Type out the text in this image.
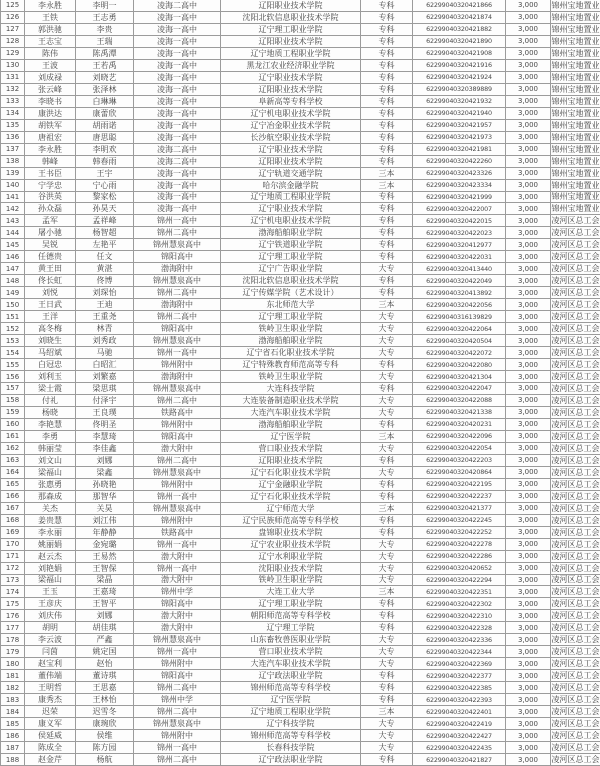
125	李永胜	李明一	凌海二高中	辽阳职业技术学院	专科	62299040320421866	3,000	锦州宝地置业
126	王铁	王志勇	凌海一高中	沈阳北软信息职业技术学院	专科	62299040320421874	3,000	锦州宝地置业
127	郭洪驰	李贵	凌海一高中	辽宁理工职业学院	专科	62299040320421882	3,000	锦州宝地置业
128	王志宝	王瑞	凌海一高中	辽阳职业技术学院	专科	62299040320421890	3,000	锦州宝地置业
129	陈伟	陈禹潭	凌海一高中	辽宁地质工程职业学院	专科	62299040320421908	3,000	锦州宝地置业
130	王波	王若禹	凌海一高中	黑龙江农业经济职业学院	专科	62299040320421916	3,000	锦州宝地置业
131	刘成禄	刘晓艺	凌海一高中	辽宁职业技术学院	专科	62299040320421924	3,000	锦州宝地置业
132	张云峰	张泽林	凌海一高中	辽阳职业技术学院	专科	62299040320389889	3,000	锦州宝地置业
133	李晓书	白琳琳	凌海一高中	阜新高等专科学校	专科	62299040320421932	3,000	锦州宝地置业
134	康洪达	康蕾欣	凌海一高中	辽宁机电职业技术学院	专科	62299040320421940	3,000	锦州宝地置业
135	胡铁军	胡雨诺	凌海一高中	辽宁冶金职业技术学院	专科	62299040320421957	3,000	锦州宝地置业
136	唐祖宏	唐思聪	凌海一高中	长沙航空职业技术学院	专科	62299040320421973	3,000	锦州宝地置业
137	李永胜	李明欢	凌海二高中	辽宁职业技术学院	专科	62299040320421981	3,000	锦州宝地置业
138	韩峰	韩春雨	凌海二高中	辽阳职业技术学院	专科	62299040320422260	3,000	锦州宝地置业
139	王书臣	王宇	凌海一高中	辽宁轨道交通学院	三本	62299040320423326	3,000	锦州宝地置业
140	宁学忠	宁心雨	凌海一高中	哈尔滨金融学院	三本	62299040320423334	3,000	锦州宝地置业
141	谷洪英	黎家松	凌海一高中	辽宁地质工程职业学院	专科	62299040320421999	3,000	锦州宝地置业
142	孙众磊	孙昊天	凌海一高中	辽宁职业技术学院	专科	62299040320422007	3,000	锦州宝地置业
143	孟军	孟祥峰	锦州一高中	辽宁机电职业技术学院	专科	62299040320422015	3,000	凌河区总工会
144	屠小驰	杨智超	锦州二高中	渤海船舶职业学院	专科	62299040320422023	3,000	凌河区总工会
145	吴锐	左艳平	锦州慧泉高中	辽宁铁道职业学院	专科	62299040320412977	3,000	凌河区总工会
146	任德贵	任文	锦阳高中	辽宁理工职业学院	专科	62299040320422031	3,000	凌河区总工会
147	黄王田	黄湛	渤海附中	辽宁广告职业学院	大专	62299040320413440	3,000	凌河区总工会
148	佟长虹	佟博	锦州慧泉高中	沈阳北软信息职业技术学院	专科	62299040320422049	3,000	凌河区总工会
149	刘悦	刘琛怡	锦州二高中	辽宁传媒学院（艺术设计）	专科	62299040320413892	3,000	凌河区总工会
150	王日武	王迪	渤海附中	东北师范大学	三本	62299040320422056	3,000	凌河区总工会
151	王洋	王重尧	锦州二高中	辽宁理工职业学院	大专	62299040316139829	3,000	凌河区总工会
152	高冬梅	林青	锦阳高中	铁岭卫生职业学院	大专	62299040320422064	3,000	凌河区总工会
153	刘晓生	刘秀政	锦州慧泉高中	渤海船舶职业学院	大专	62299040320420504	3,000	凌河区总工会
154	马绍斌	马驰	锦州一高中	辽宁省石化职业技术学院	大专	62299040320422072	3,000	凌河区总工会
155	白冠忠	白昭汇	锦州附中	辽宁特殊教育师范高等专科	专科	62299040320422080	3,000	凌河区总工会
156	刘利玉	刘繁嘉	渤海附中	铁岭卫生职业学院	大专	62299040320421304	3,000	凌河区总工会
157	梁士霞	梁思琪	锦州慧泉高中	大连科技学院	专科	62299040320422047	3,000	凌河区总工会
158	付礼	付泽宇	锦州二高中	大连装备制造职业技术学院	大专	62299040320422088	3,000	凌河区总工会
159	杨晓	王良璞	铁路高中	大连汽车职业技术学院	大专	62299040320421338	3,000	凌河区总工会
160	李艳慧	佟明圣	锦州附中	渤海船舶职业学院	专科	62299040320420231	3,000	凌河区总工会
161	李勇	李慧琦	锦阳高中	辽宁医学院	三本	62299040320422096	3,000	凌河区总工会
162	韩丽莹	李佳鑫	渤大附中	营口职业技术学院	大专	62299040320422054	3,000	凌河区总工会
163	刘文山	刘娜	锦州二高中	辽阳职业技术学院	专科	62299040320422203	3,000	凌河区总工会
164	梁福山	梁鑫	锦州慧泉高中	辽宁石化职业技术学院	大专	62299040320420864	3,000	凌河区总工会
165	张惠勇	孙晓艳	锦州附中	辽宁金融职业学院	专科	62299040320422195	3,000	凌河区总工会
166	那森成	那智华	锦州一高中	辽宁石化职业技术学院	专科	62299040320422237	3,000	凌河区总工会
167	关杰	关昊	锦州慧泉高中	辽宁师范大学	三本	62299040320421377	3,000	凌河区总工会
168	姜贵慧	刘江伟	锦州附中	辽宁民族师范高等专科学校	专科	62299040320422245	3,000	凌河区总工会
169	李永丽	年静静	铁路高中	盘锦职业技术学院	专科	62299040320422252	3,000	凌河区总工会
170	姚丽娟	金宛璐	锦州一高中	辽宁农业职业技术学院	大专	62299040320422278	3,000	凌河区总工会
171	赵云杰	王易然	渤大附中	辽宁水利职业学院	大专	62299040320422286	3,000	凌河区总工会
172	刘艳娟	王智保	锦州一高中	沈阳职业技术学院	大专	62299040320420652	3,000	凌河区总工会
173	梁福山	梁晶	渤大附中	铁岭卫生职业学院	大专	62299040320422294	3,000	凌河区总工会
174	王玉	王嘉琦	锦州中学	大连工业大学	三本	62299040320422351	3,000	凌河区总工会
175	王彦庆	王智平	锦阳高中	辽宁理工职业学院	专科	62299040320422302	3,000	凌河区总工会
176	刘庆伟	刘娜	渤大附中	朝阳师范高等专科学校	专科	62299040320422310	3,000	凌河区总工会
177	胡明	胡佳琪	渤大附中	辽宁理工学院	专科	62299040320422328	3,000	凌河区总工会
178	李云波	严鑫	锦州慧泉高中	山东畜牧兽医职业学院	大专	62299040320422336	3,000	凌河区总工会
179	闫茵	姚定国	锦州一高中	营口职业技术学院	大专	62299040320422344	3,000	凌河区总工会
180	赵宝利	赵怡	锦州附中	大连汽车职业技术学院	大专	62299040320422369	3,000	凌河区总工会
181	董伟端	董诗琪	锦阳高中	辽宁政法职业学院	专科	62299040320422377	3,000	凌河区总工会
182	王明哲	王思嘉	锦州二高中	锦州师范高等专科学校	专科	62299040320422385	3,000	凌河区总工会
183	康秀杰	王林怡	锦州中学	辽宁医学院	专科	62299040320422393	3,000	凌河区总工会
184	迟荣	迟雪冬	锦州二高中	辽宁地质工程职业学院	三本	62299040320422401	3,000	凌河区总工会
185	康义军	康琬欣	锦州慧泉高中	辽宁科技学院	大专	62299040320422419	3,000	凌河区总工会
186	侯延威	侯维	锦州附中	锦州师范高等专科学校	大专	62299040320422427	3,000	凌河区总工会
187	陈成全	陈方园	锦州一高中	长春科技学院	大专	62299040320422435	3,000	凌河区总工会
188	赵金芹	杨航	锦州二高中	辽宁政法职业学院	专科	62299040320421827	3,000	凌河区总工会
